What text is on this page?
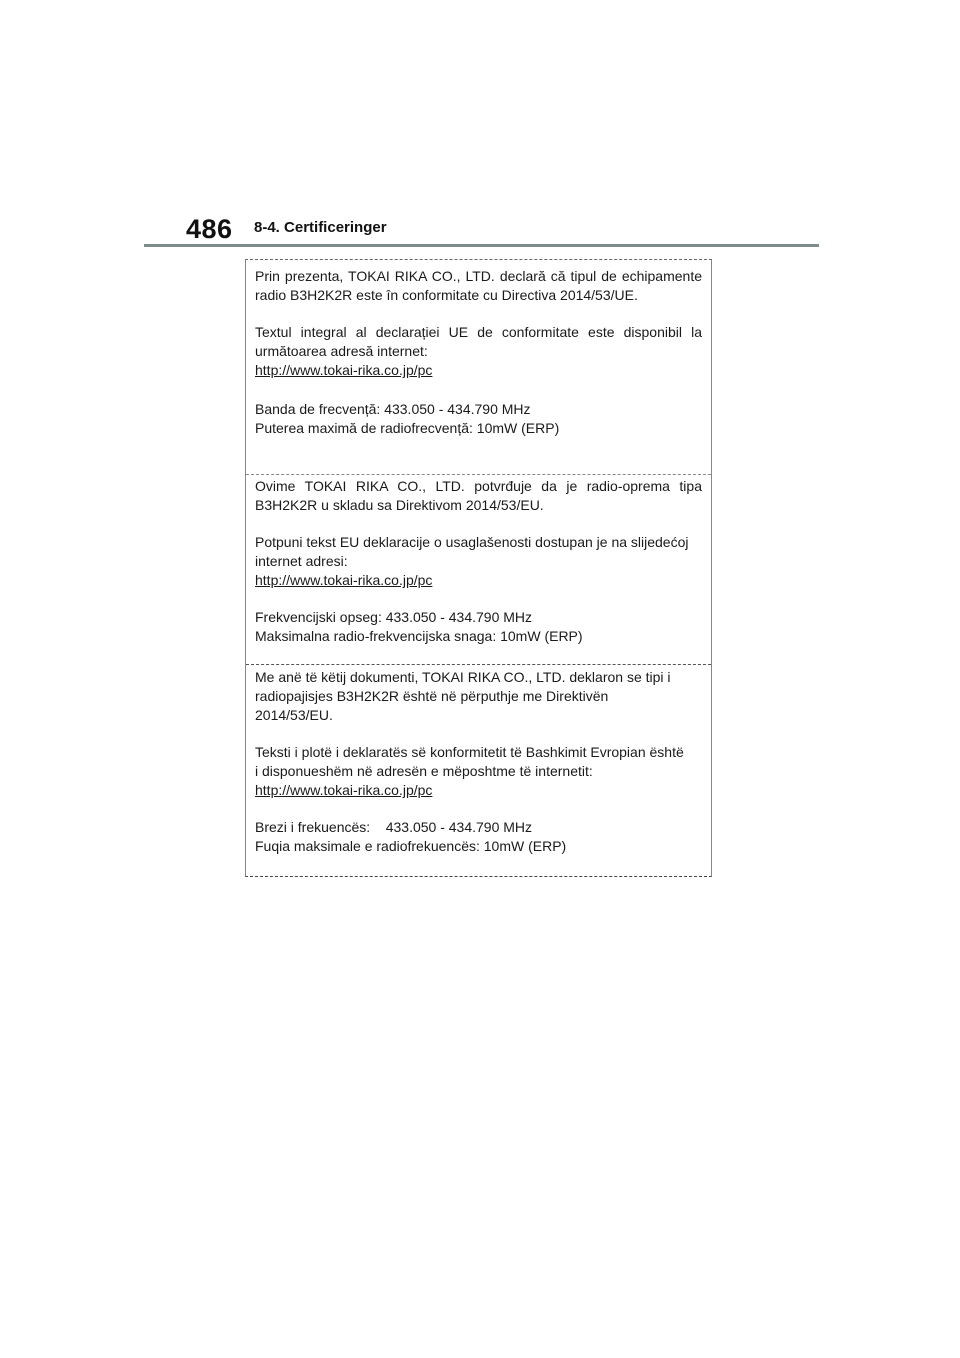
486 8-4. Certificeringer

Prin prezenta, TOKAI RIKA CO., LTD. declară că tipul de echipamente radio B3H2K2R este în conformitate cu Directiva 2014/53/UE.

Textul integral al declarației UE de conformitate este disponibil la următoarea adresă internet:

http://www.tokai-rika.co.jp/pc
Banda de frecvență: 433.050 - 434.790 MHz
Puterea maximă de radiofrecvență: 10mW (ERP)

Ovime TOKAI RIKA CO., LTD. potvrđuje da je radio-oprema tipa B3H2K2R u skladu sa Direktivom 2014/53/EU.

Potpuni tekst EU deklaracije o usaglašenosti dostupan je na slijedećoj internet adresi:

http://www.tokai-rika.co.jp/pc
Frekvencijski opseg: 433.050 - 434.790 MHz
Maksimalna radio-frekvencijska snaga: 10mW (ERP)
Me anë të këtij dokumenti, TOKAI RIKA CO., LTD. deklaron se tipi i
radiopajisjes B3H2K2R është në përputhje me Direktivën
2014/53/EU.
Teksti i plotë i deklaratës së konformitetit të Bashkimit Evropian është
i disponueshëm në adresën e mëposhtme të internetit:
http://www.tokai-rika.co.jp/pc
Brezi i frekuencës:    433.050 - 434.790 MHz
Fuqia maksimale e radiofrekuencës: 10mW (ERP)
